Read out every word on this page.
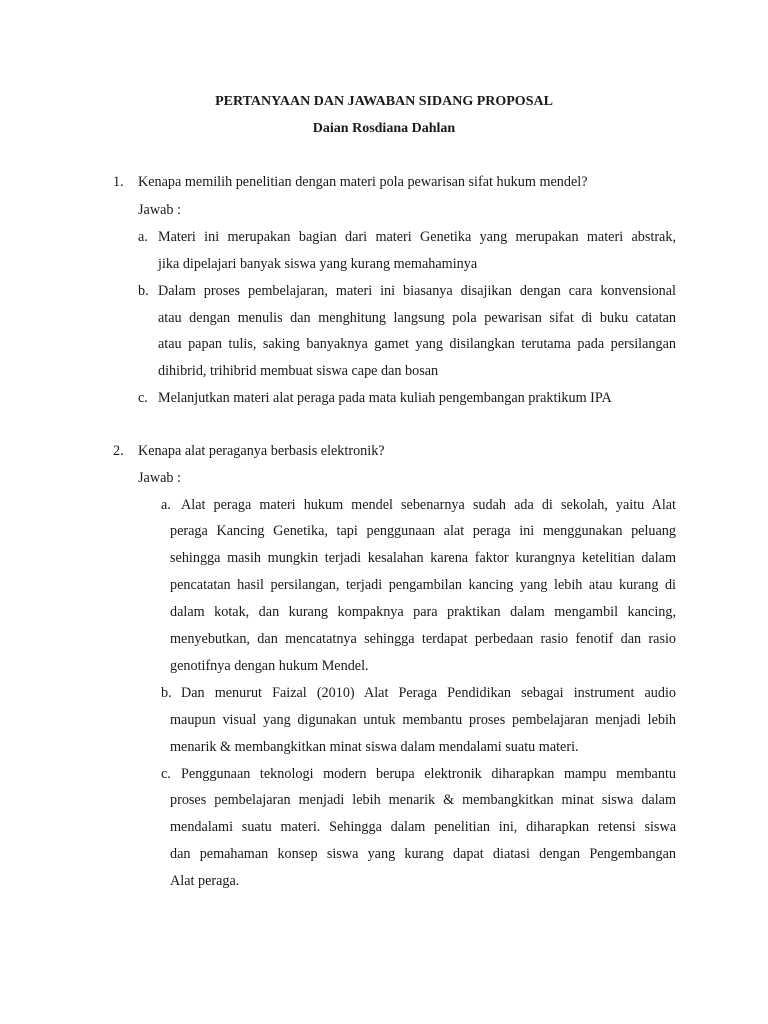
PERTANYAAN DAN JAWABAN SIDANG PROPOSAL
Daian Rosdiana Dahlan
1. Kenapa memilih penelitian dengan materi pola pewarisan sifat hukum mendel?
Jawab :
a. Materi ini merupakan bagian dari materi Genetika yang merupakan materi abstrak,
jika dipelajari banyak siswa yang kurang memahaminya
b. Dalam proses pembelajaran, materi ini biasanya disajikan dengan cara konvensional
atau dengan menulis dan menghitung langsung pola pewarisan sifat di buku catatan
atau papan tulis, saking banyaknya gamet yang disilangkan terutama pada persilangan
dihibrid, trihibrid membuat siswa cape dan bosan
c. Melanjutkan materi alat peraga pada mata kuliah pengembangan praktikum IPA
2. Kenapa alat peraganya berbasis elektronik?
Jawab :
a. Alat peraga materi hukum mendel sebenarnya sudah ada di sekolah, yaitu Alat
peraga Kancing Genetika, tapi penggunaan alat peraga ini menggunakan peluang
sehingga masih mungkin terjadi kesalahan karena faktor kurangnya ketelitian dalam
pencatatan hasil persilangan, terjadi pengambilan kancing yang lebih atau kurang di
dalam kotak, dan kurang kompaknya para praktikan dalam mengambil kancing,
menyebutkan, dan mencatatnya sehingga terdapat perbedaan rasio fenotif dan rasio
genotifnya dengan hukum Mendel.
b. Dan menurut Faizal (2010) Alat Peraga Pendidikan sebagai instrument audio
maupun visual yang digunakan untuk membantu proses pembelajaran menjadi lebih
menarik & membangkitkan minat siswa dalam mendalami suatu materi.
c. Penggunaan teknologi modern berupa elektronik diharapkan mampu membantu
proses pembelajaran menjadi lebih menarik & membangkitkan minat siswa dalam
mendalami suatu materi. Sehingga dalam penelitian ini, diharapkan retensi siswa
dan pemahaman konsep siswa yang kurang dapat diatasi dengan Pengembangan
Alat peraga.
